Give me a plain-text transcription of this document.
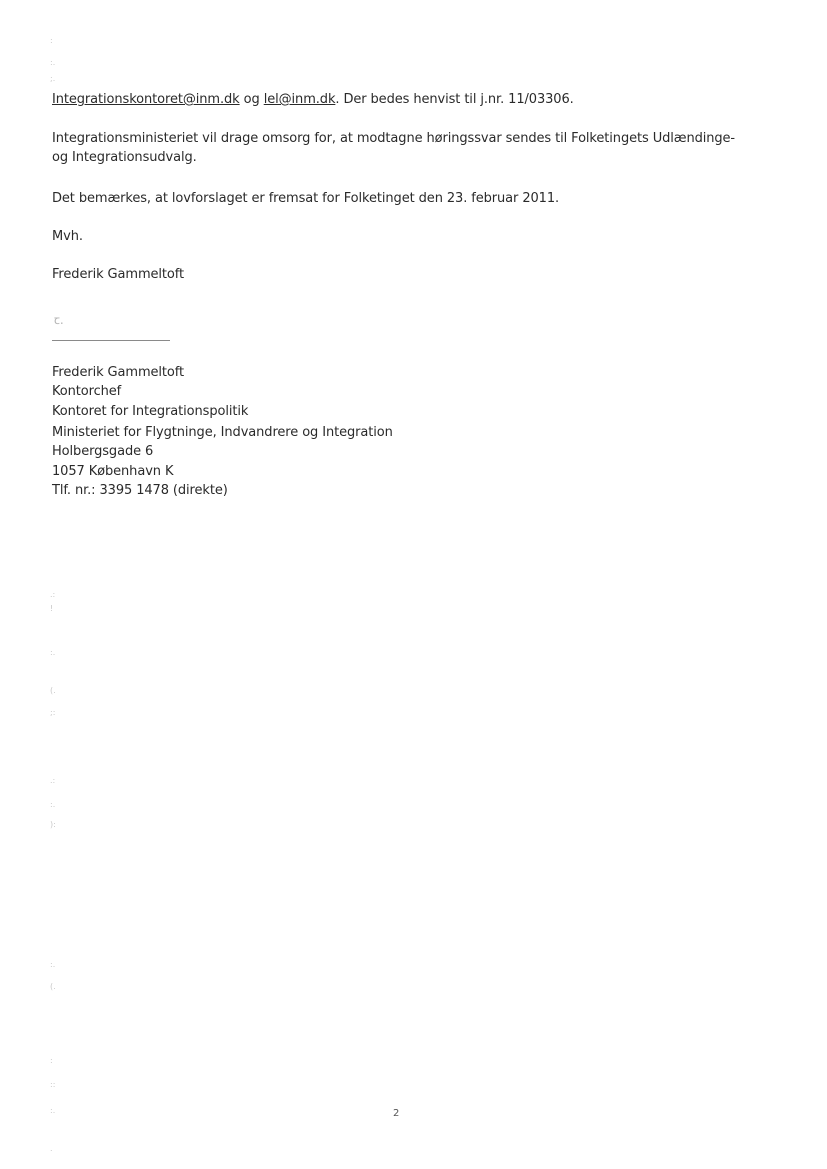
:
:.
;.
.:
!
:.
(.
;:
.:
:.
):
:.
(.
:
::
:.
.
Integrationskontoret@inm.dk og lel@inm.dk. Der bedes henvist til j.nr. 11/03306.
Integrationsministeriet vil drage omsorg for, at modtagne høringssvar sendes til Folketingets Udlændinge-
og Integrationsudvalg.
Det bemærkes, at lovforslaget er fremsat for Folketinget den 23. februar 2011.
Mvh.
Frederik Gammeltoft
ꞇ.
Frederik Gammeltoft
Kontorchef
Kontoret for Integrationspolitik
Ministeriet for Flygtninge, Indvandrere og Integration
Holbergsgade 6
1057 København K
Tlf. nr.: 3395 1478 (direkte)
2
